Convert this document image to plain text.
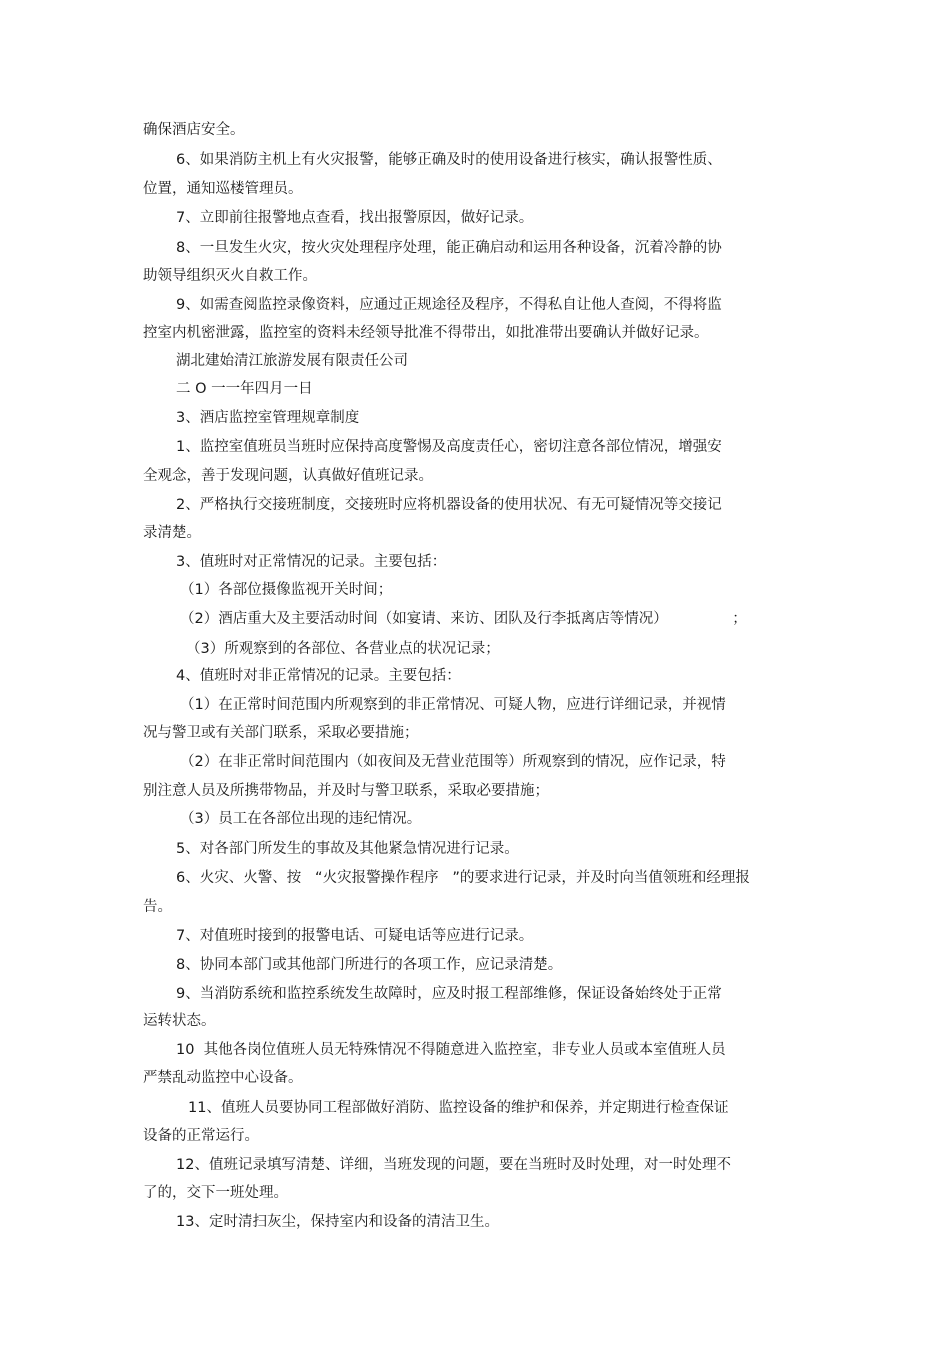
确保酒店安全。

6、如果消防主机上有火灾报警，能够正确及时的使用设备进行核实，确认报警性质、

位置，通知巡楼管理员。

7、立即前往报警地点查看，找出报警原因，做好记录。

8、一旦发生火灾，按火灾处理程序处理，能正确启动和运用各种设备，沉着冷静的协

助领导组织灭火自救工作。

9、如需查阅监控录像资料，应通过正规途径及程序，不得私自让他人查阅，不得将监

控室内机密泄露，监控室的资料未经领导批准不得带出，如批准带出要确认并做好记录。

湖北建始清江旅游发展有限责任公司

二 O 一一年四月一日

3、酒店监控室管理规章制度

1、监控室值班员当班时应保持高度警惕及高度责任心，密切注意各部位情况，增强安

全观念，善于发现问题，认真做好值班记录。

2、严格执行交接班制度，交接班时应将机器设备的使用状况、有无可疑情况等交接记

录清楚。

3、值班时对正常情况的记录。主要包括：

（1）各部位摄像监视开关时间；

（2）酒店重大及主要活动时间（如宴请、来访、团队及行李抵离店等情况）              ；

（3）所观察到的各部位、各营业点的状况记录；

4、值班时对非正常情况的记录。主要包括：

（1）在正常时间范围内所观察到的非正常情况、可疑人物，应进行详细记录，并视情

况与警卫或有关部门联系，采取必要措施；

（2）在非正常时间范围内（如夜间及无营业范围等）所观察到的情况，应作记录，特

别注意人员及所携带物品，并及时与警卫联系，采取必要措施；

（3）员工在各部位出现的违纪情况。

5、对各部门所发生的事故及其他紧急情况进行记录。

6、火灾、火警、按   “火灾报警操作程序   ”的要求进行记录，并及时向当值领班和经理报

告。

7、对值班时接到的报警电话、可疑电话等应进行记录。

8、协同本部门或其他部门所进行的各项工作，应记录清楚。

9、当消防系统和监控系统发生故障时，应及时报工程部维修，保证设备始终处于正常

运转状态。

10  其他各岗位值班人员无特殊情况不得随意进入监控室，非专业人员或本室值班人员

严禁乱动监控中心设备。

11、值班人员要协同工程部做好消防、监控设备的维护和保养，并定期进行检查保证

设备的正常运行。

12、值班记录填写清楚、详细，当班发现的问题，要在当班时及时处理，对一时处理不

了的，交下一班处理。

13、定时清扫灰尘，保持室内和设备的清洁卫生。
